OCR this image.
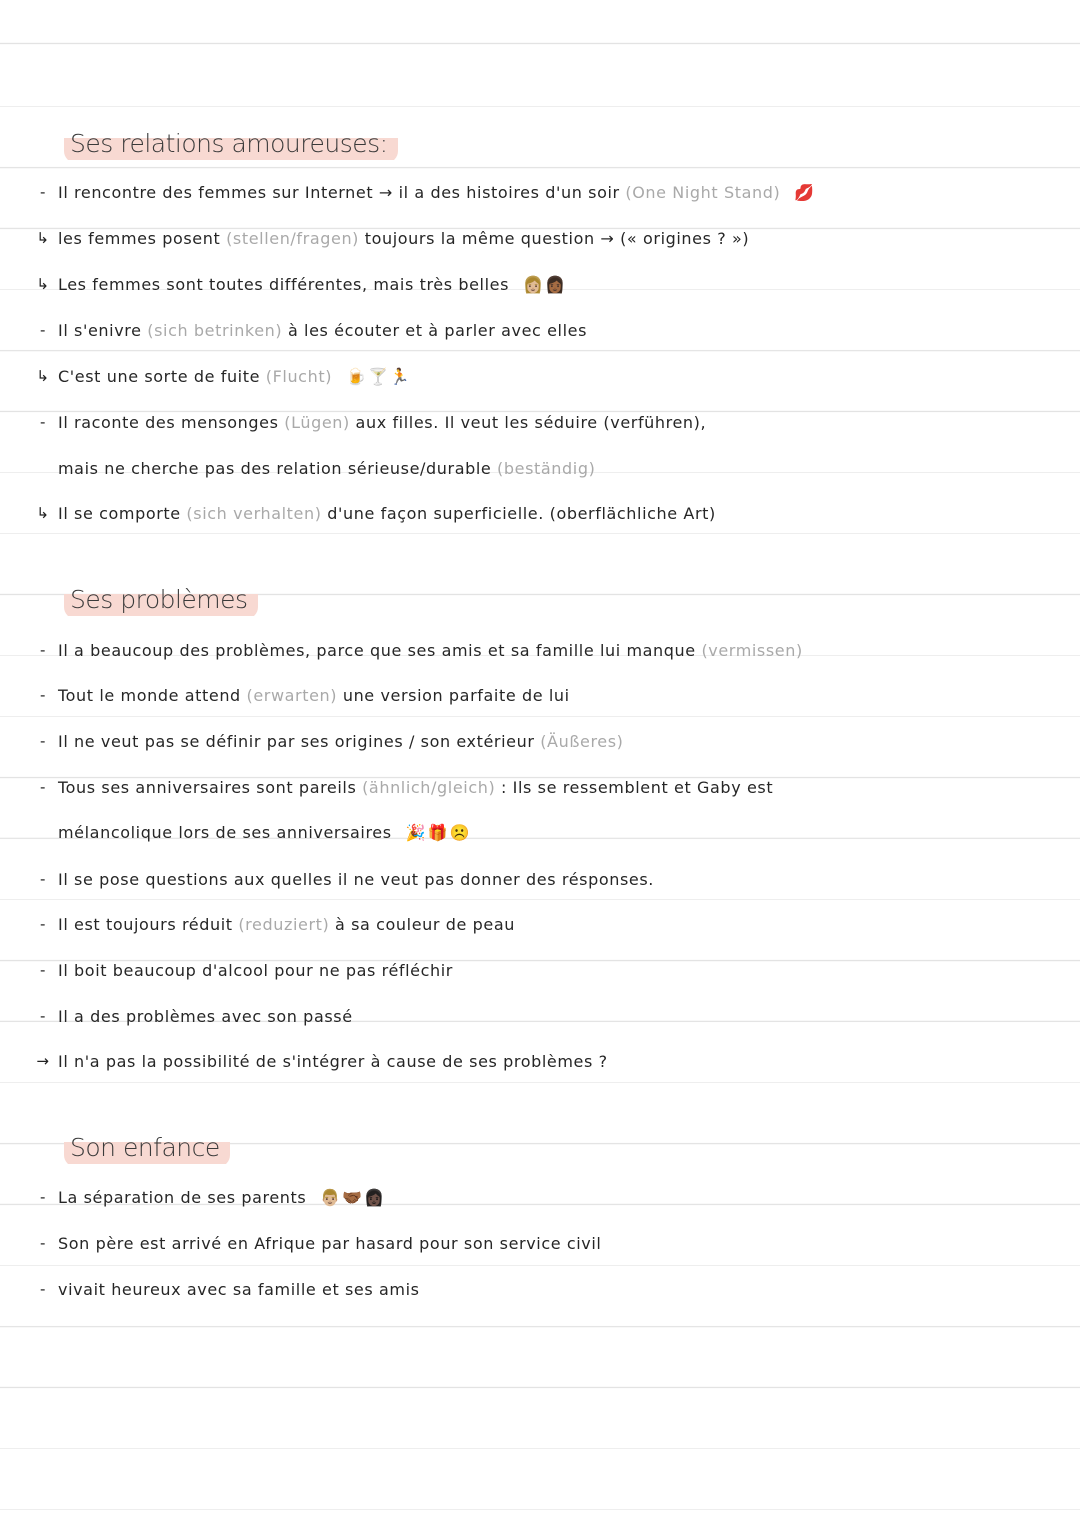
Ses relations amoureuses:
- Il rencontre des femmes sur Internet → il a des histoires d'un soir
(One Night Stand) 💋
↳ les femmes posent
(stellen/fragen)
toujours la même question → (« origines ? »)
↳ Les femmes sont toutes différentes, mais très belles 👩🏼👩🏾
- Il s'enivre
(sich betrinken)
à les écouter et à parler avec elles
↳ C'est une sorte de fuite
(Flucht) 🍺🍸🏃
- Il raconte des mensonges
(Lügen)
aux filles. Il veut les séduire (verführen),
mais ne cherche pas des relation sérieuse/durable
(beständig)
↳ Il se comporte
(sich verhalten)
d'une façon superficielle. (oberflächliche Art)
Ses problèmes
- Il a beaucoup des problèmes, parce que ses amis et sa famille lui manque
(vermissen)
- Tout le monde attend
(erwarten)
une version parfaite de lui
- Il ne veut pas se définir par ses origines / son extérieur
(Äußeres)
- Tous ses anniversaires sont pareils
(ähnlich/gleich)
: Ils se ressemblent et Gaby est
mélancolique lors de ses anniversaires 🎉🎁☹️
- Il se pose questions aux quelles il ne veut pas donner des résponses.
- Il est toujours réduit
(reduziert)
à sa couleur de peau
- Il boit beaucoup d'alcool pour ne pas réfléchir
- Il a des problèmes avec son passé
→ Il n'a pas la possibilité de s'intégrer à cause de ses problèmes ?
Son enfance
- La séparation de ses parents 👨🏼🤝🏾👩🏿
- Son père est arrivé en Afrique par hasard pour son service civil
- vivait heureux avec sa famille et ses amis
